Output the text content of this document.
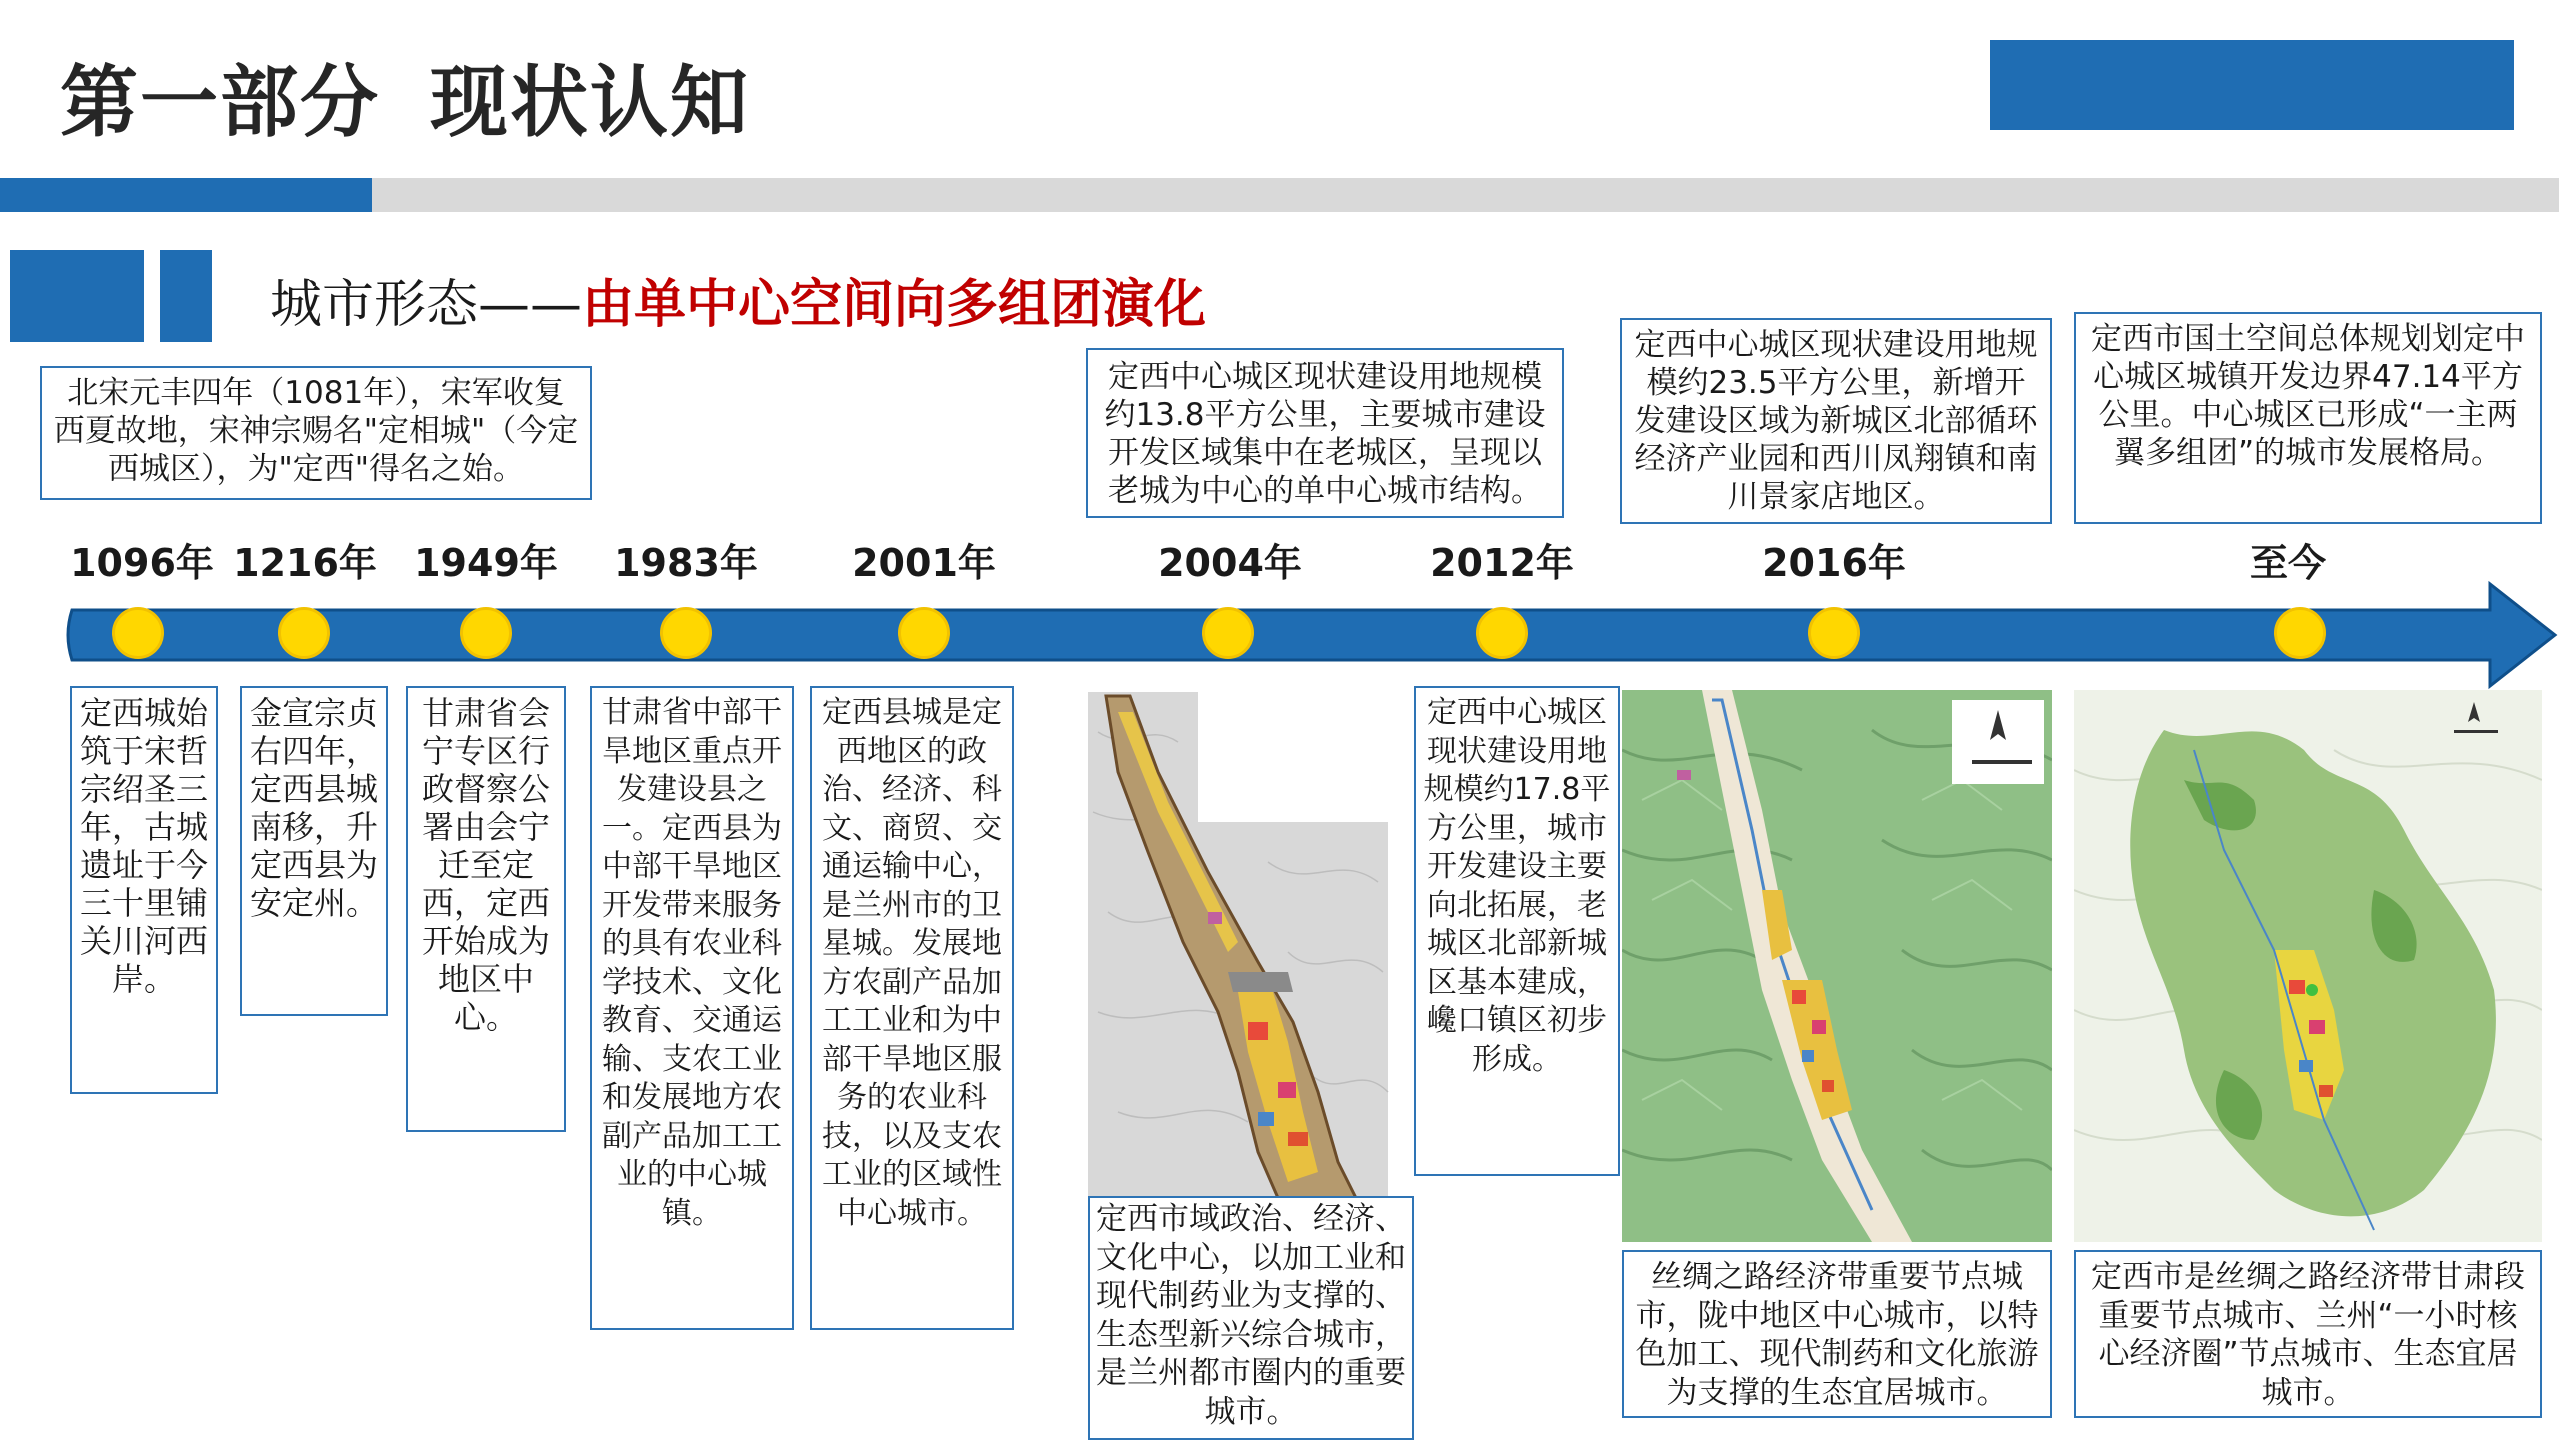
第一部分 现状认知
城市形态——由单中心空间向多组团演化
北宋元丰四年（1081年），宋军收复西夏故地，宋神宗赐名"定相城"（今定西城区），为"定西"得名之始。
定西中心城区现状建设用地规模约13.8平方公里，主要城市建设开发区域集中在老城区，呈现以老城为中心的单中心城市结构。
定西中心城区现状建设用地规模约23.5平方公里，新增开发建设区域为新城区北部循环经济产业园和西川凤翔镇和南川景家店地区。
定西市国土空间总体规划划定中心城区城镇开发边界47.14平方公里。中心城区已形成“一主两翼多组团”的城市发展格局。
1096年 1216年 1949年 1983年 2001年	2004年	2012年	2016年	至今
定西城始筑于宋哲宗绍圣三年，古城遗址于今三十里铺关川河西岸。
金宣宗贞右四年，定西县城南移，升定西县为安定州。
甘肃省会宁专区行政督察公署由会宁迁至定西，定西开始成为地区中心。
甘肃省中部干旱地区重点开发建设县之一。定西县为中部干旱地区开发带来服务的具有农业科学技术、文化教育、交通运输、支农工业和发展地方农副产品加工工业的中心城镇。
定西县城是定西地区的政治、经济、科文、商贸、交通运输中心，是兰州市的卫星城。发展地方农副产品加工工业和为中部干旱地区服务的农业科技，以及支农工业的区域性中心城市。
定西中心城区现状建设用地规模约17.8平方公里，城市开发建设主要向北拓展，老城区北部新城区基本建成，巉口镇区初步形成。
定西市域政治、经济、文化中心，以加工业和现代制药业为支撑的、生态型新兴综合城市，是兰州都市圈内的重要城市。
丝绸之路经济带重要节点城市，陇中地区中心城市，以特色加工、现代制药和文化旅游为支撑的生态宜居城市。
定西市是丝绸之路经济带甘肃段重要节点城市、兰州“一小时核心经济圈”节点城市、生态宜居城市。
